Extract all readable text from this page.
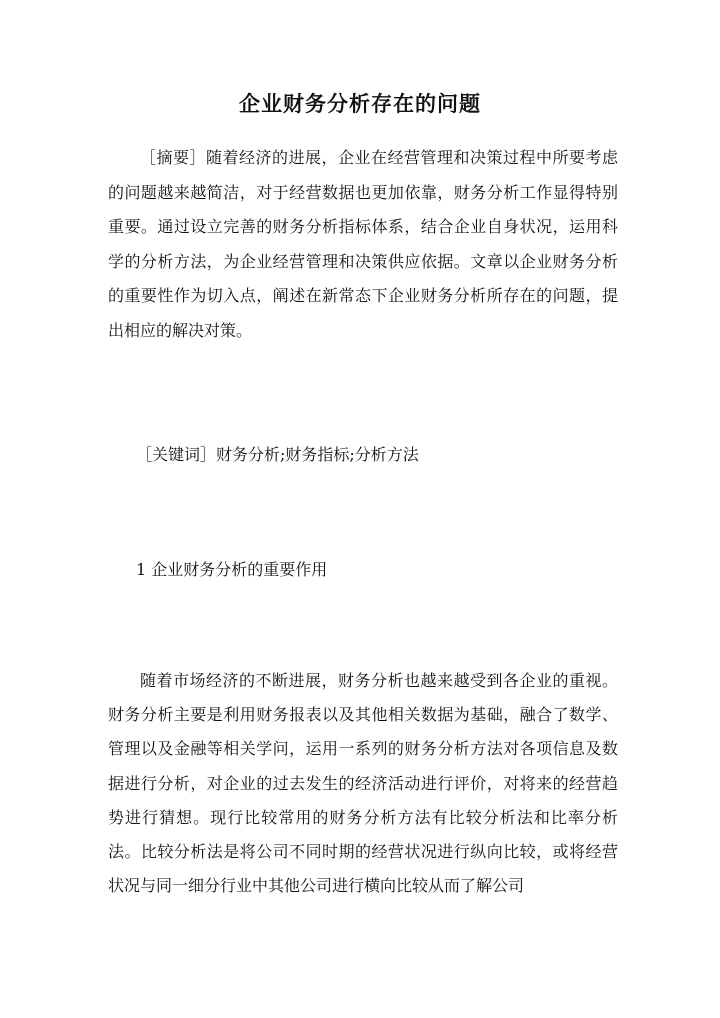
企业财务分析存在的问题

［摘要］随着经济的进展，企业在经营管理和决策过程中所要考虑的问题越来越简洁，对于经营数据也更加依靠，财务分析工作显得特别重要。通过设立完善的财务分析指标体系，结合企业自身状况，运用科学的分析方法，为企业经营管理和决策供应依据。文章以企业财务分析的重要性作为切入点，阐述在新常态下企业财务分析所存在的问题，提出相应的解决对策。

［关键词］财务分析;财务指标;分析方法

1 企业财务分析的重要作用

随着市场经济的不断进展，财务分析也越来越受到各企业的重视。财务分析主要是利用财务报表以及其他相关数据为基础，融合了数学、管理以及金融等相关学问，运用一系列的财务分析方法对各项信息及数据进行分析，对企业的过去发生的经济活动进行评价，对将来的经营趋势进行猜想。现行比较常用的财务分析方法有比较分析法和比率分析法。比较分析法是将公司不同时期的经营状况进行纵向比较，或将经营状况与同一细分行业中其他公司进行横向比较从而了解公司
